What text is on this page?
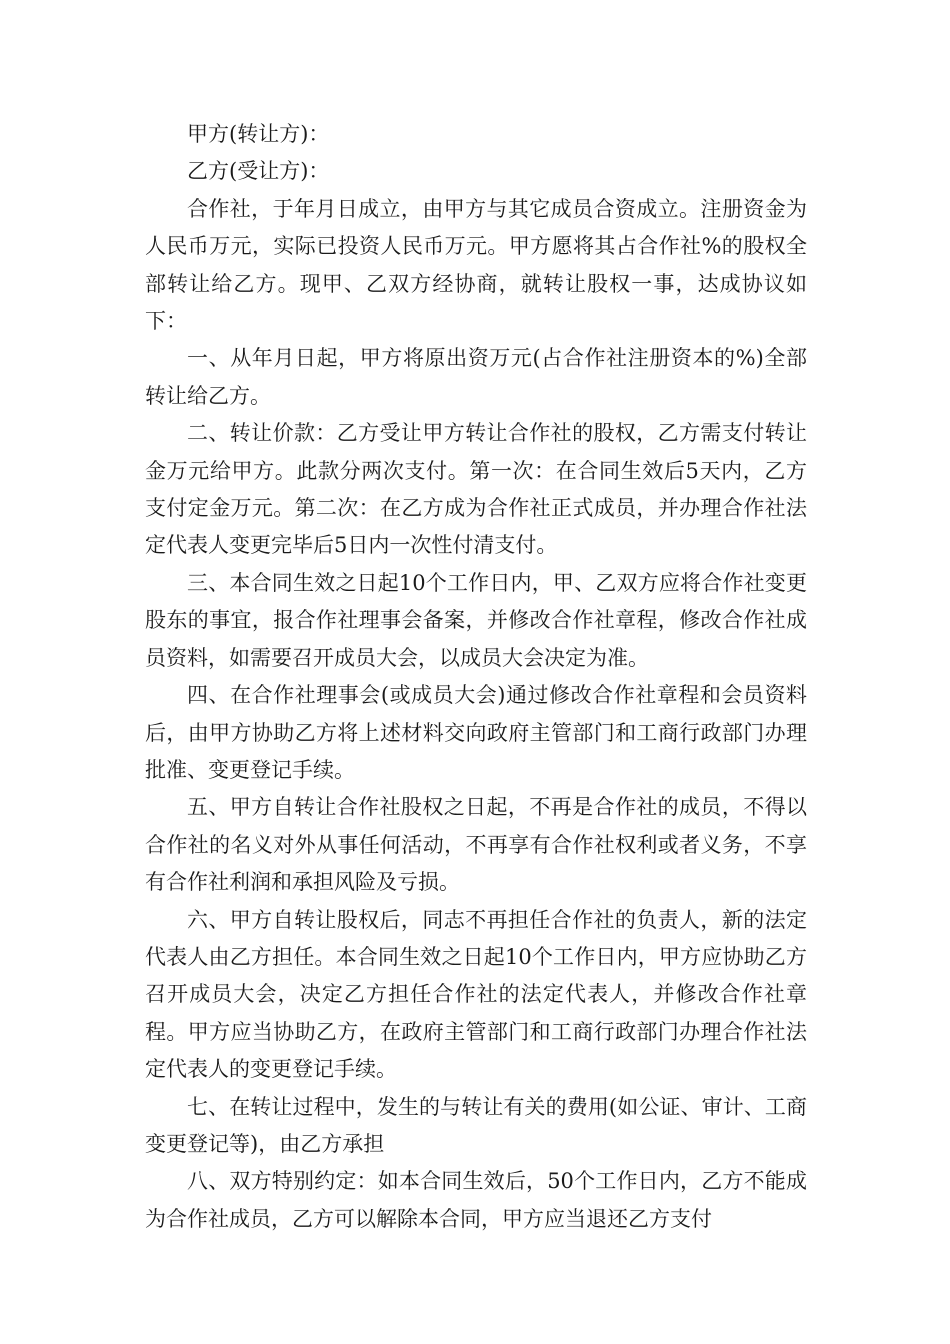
甲方(转让方)：

乙方(受让方)：

合作社，于年月日成立，由甲方与其它成员合资成立。注册资金为人民币万元，实际已投资人民币万元。甲方愿将其占合作社%的股权全部转让给乙方。现甲、乙双方经协商，就转让股权一事，达成协议如下：

一、从年月日起，甲方将原出资万元(占合作社注册资本的%)全部转让给乙方。

二、转让价款：乙方受让甲方转让合作社的股权，乙方需支付转让金万元给甲方。此款分两次支付。第一次：在合同生效后5天内，乙方支付定金万元。第二次：在乙方成为合作社正式成员，并办理合作社法定代表人变更完毕后5日内一次性付清支付。

三、本合同生效之日起10个工作日内，甲、乙双方应将合作社变更股东的事宜，报合作社理事会备案，并修改合作社章程，修改合作社成员资料，如需要召开成员大会，以成员大会决定为准。

四、在合作社理事会(或成员大会)通过修改合作社章程和会员资料后，由甲方协助乙方将上述材料交向政府主管部门和工商行政部门办理批准、变更登记手续。

五、甲方自转让合作社股权之日起，不再是合作社的成员，不得以合作社的名义对外从事任何活动，不再享有合作社权利或者义务，不享有合作社利润和承担风险及亏损。

六、甲方自转让股权后，同志不再担任合作社的负责人，新的法定代表人由乙方担任。本合同生效之日起10个工作日内，甲方应协助乙方召开成员大会，决定乙方担任合作社的法定代表人，并修改合作社章程。甲方应当协助乙方，在政府主管部门和工商行政部门办理合作社法定代表人的变更登记手续。

七、在转让过程中，发生的与转让有关的费用(如公证、审计、工商变更登记等)，由乙方承担

八、双方特别约定：如本合同生效后，50个工作日内，乙方不能成为合作社成员，乙方可以解除本合同，甲方应当退还乙方支付
